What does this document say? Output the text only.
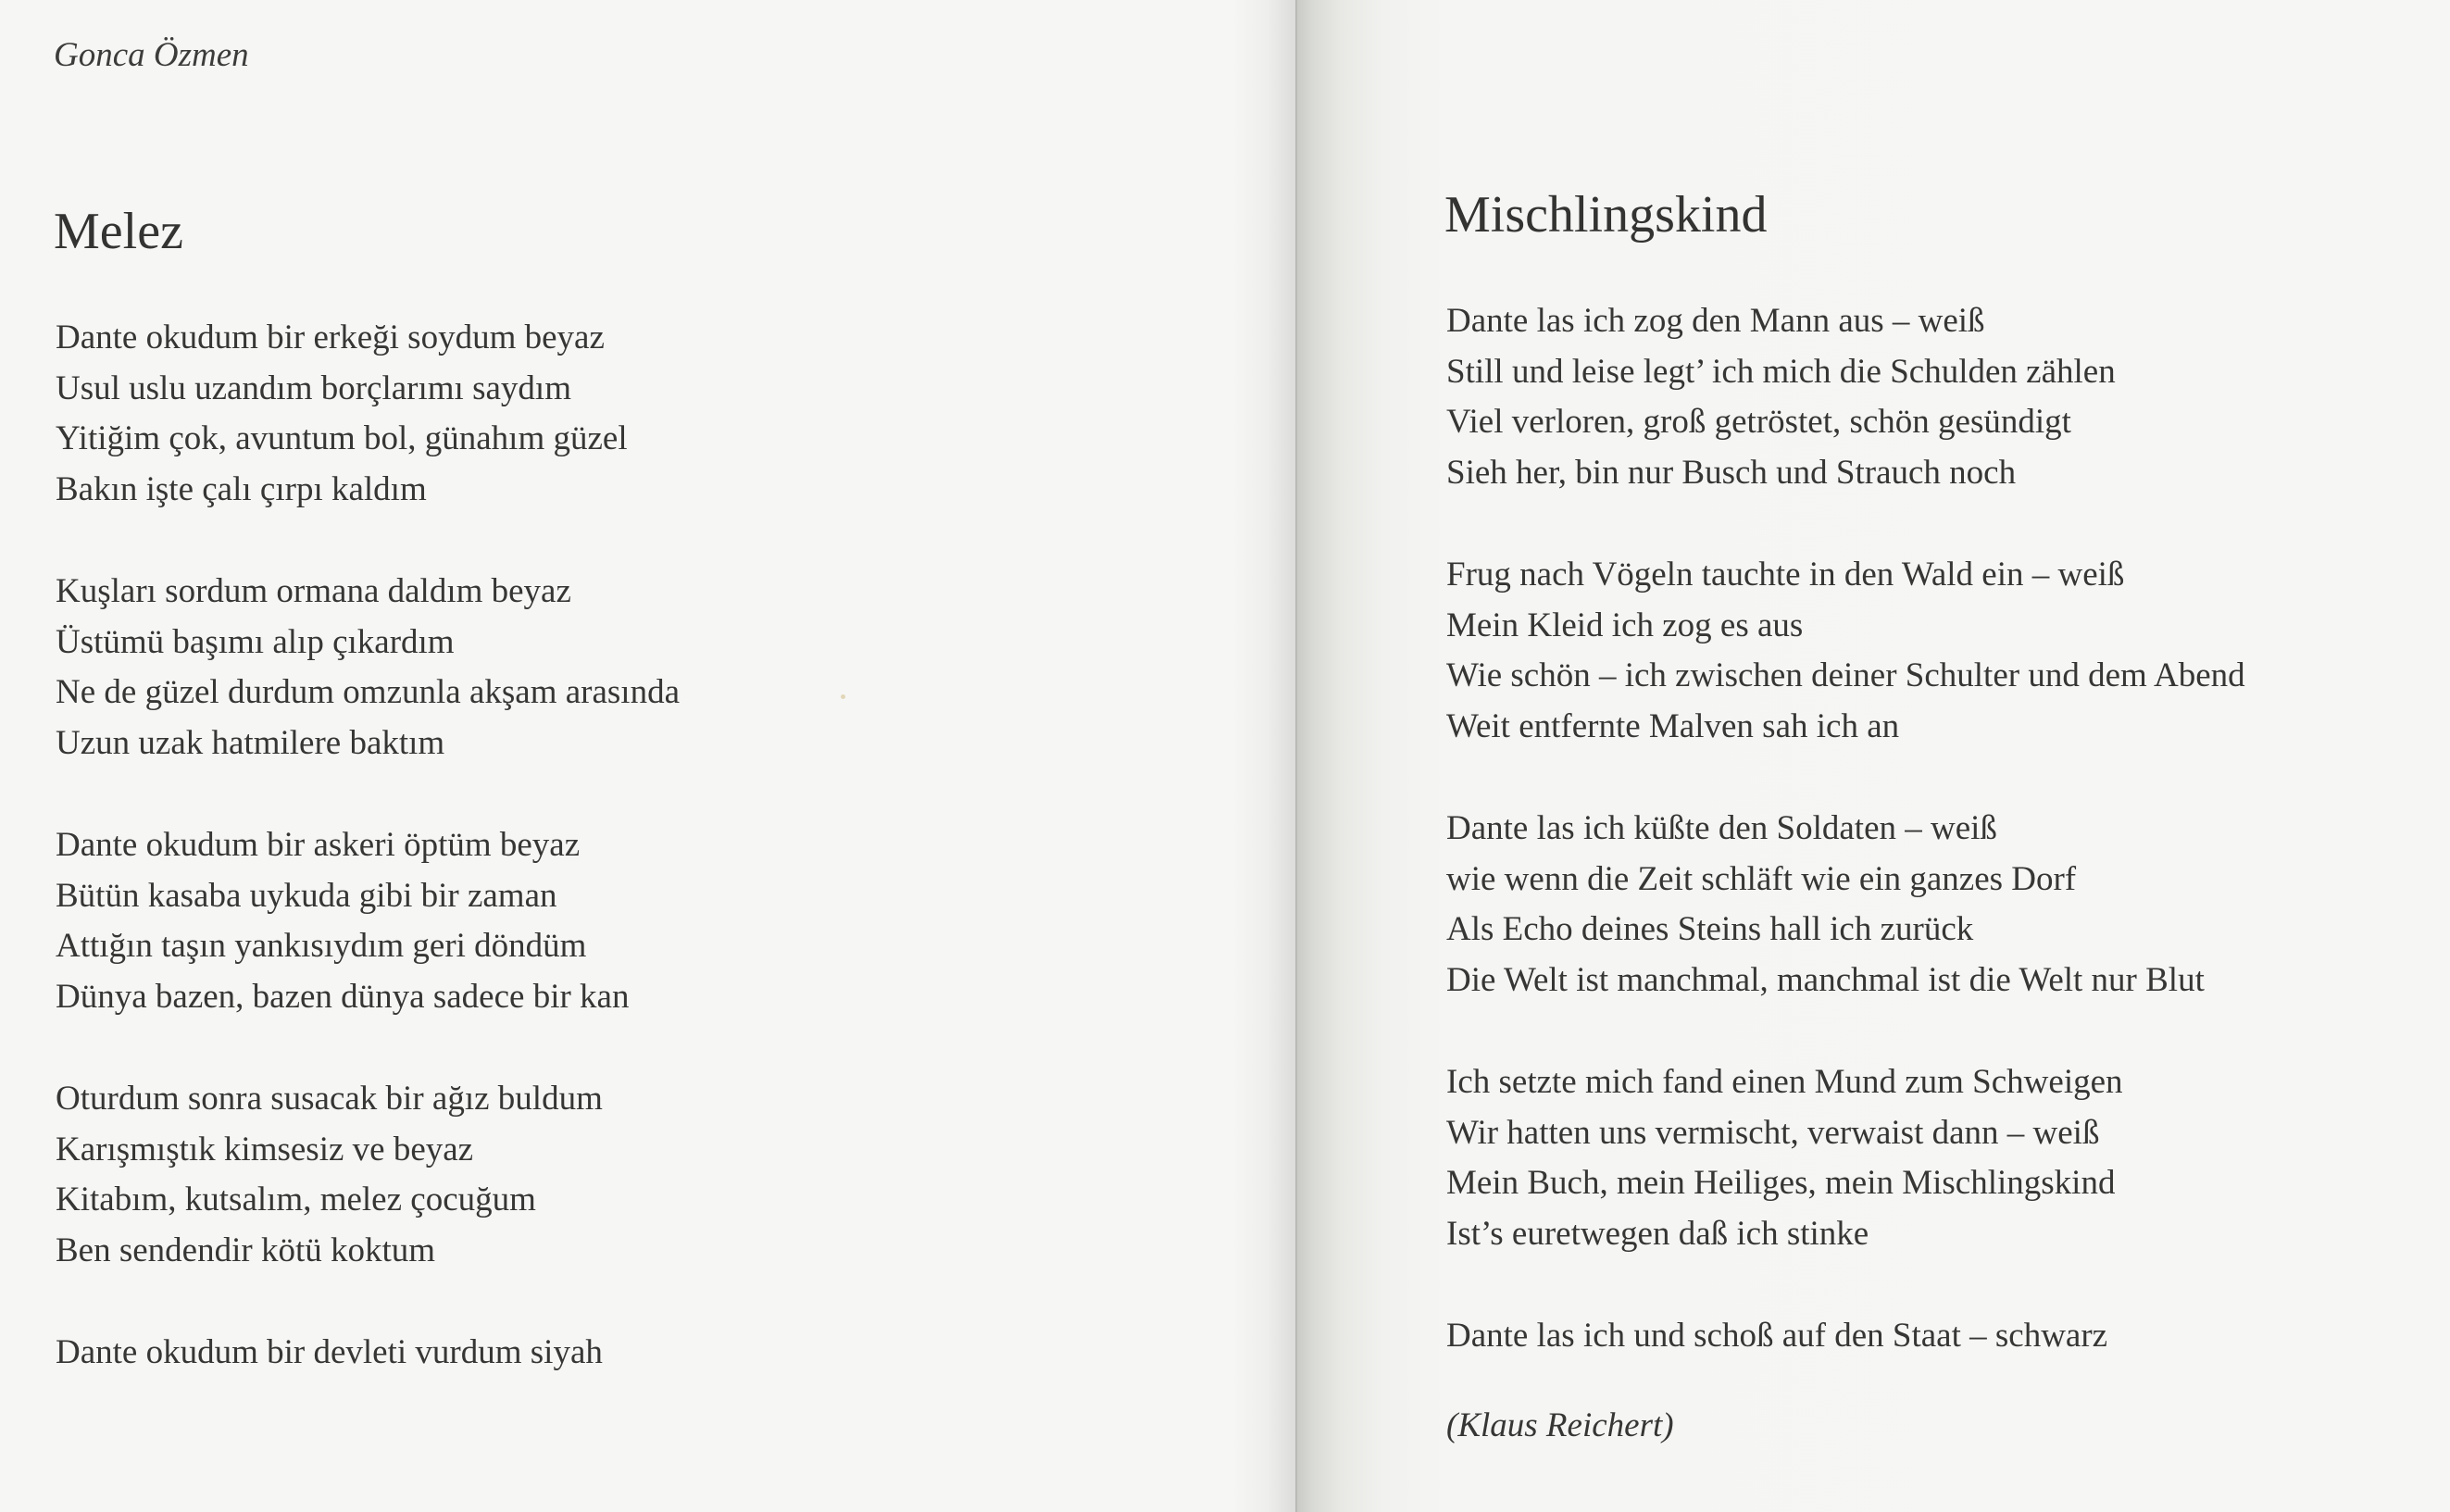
Gonca Özmen

Melez
Dante okudum bir erkeği soydum beyaz
Usul uslu uzandım borçlarımı saydım
Yitiğim çok, avuntum bol, günahım güzel
Bakın işte çalı çırpı kaldım
Kuşları sordum ormana daldım beyaz
Üstümü başımı alıp çıkardım
Ne de güzel durdum omzunla akşam arasında
Uzun uzak hatmilere baktım
Dante okudum bir askeri öptüm beyaz
Bütün kasaba uykuda gibi bir zaman
Attığın taşın yankısıydım geri döndüm
Dünya bazen, bazen dünya sadece bir kan
Oturdum sonra susacak bir ağız buldum
Karışmıştık kimsesiz ve beyaz
Kitabım, kutsalım, melez çocuğum
Ben sendendir kötü koktum
Dante okudum bir devleti vurdum siyah
Mischlingskind
Dante las ich zog den Mann aus – weiß
Still und leise legt’ ich mich die Schulden zählen
Viel verloren, groß getröstet, schön gesündigt
Sieh her, bin nur Busch und Strauch noch
Frug nach Vögeln tauchte in den Wald ein – weiß
Mein Kleid ich zog es aus
Wie schön – ich zwischen deiner Schulter und dem Abend
Weit entfernte Malven sah ich an
Dante las ich küßte den Soldaten – weiß
wie wenn die Zeit schläft wie ein ganzes Dorf
Als Echo deines Steins hall ich zurück
Die Welt ist manchmal, manchmal ist die Welt nur Blut
Ich setzte mich fand einen Mund zum Schweigen
Wir hatten uns vermischt, verwaist dann – weiß
Mein Buch, mein Heiliges, mein Mischlingskind
Ist’s euretwegen daß ich stinke
Dante las ich und schoß auf den Staat – schwarz

(Klaus Reichert)
